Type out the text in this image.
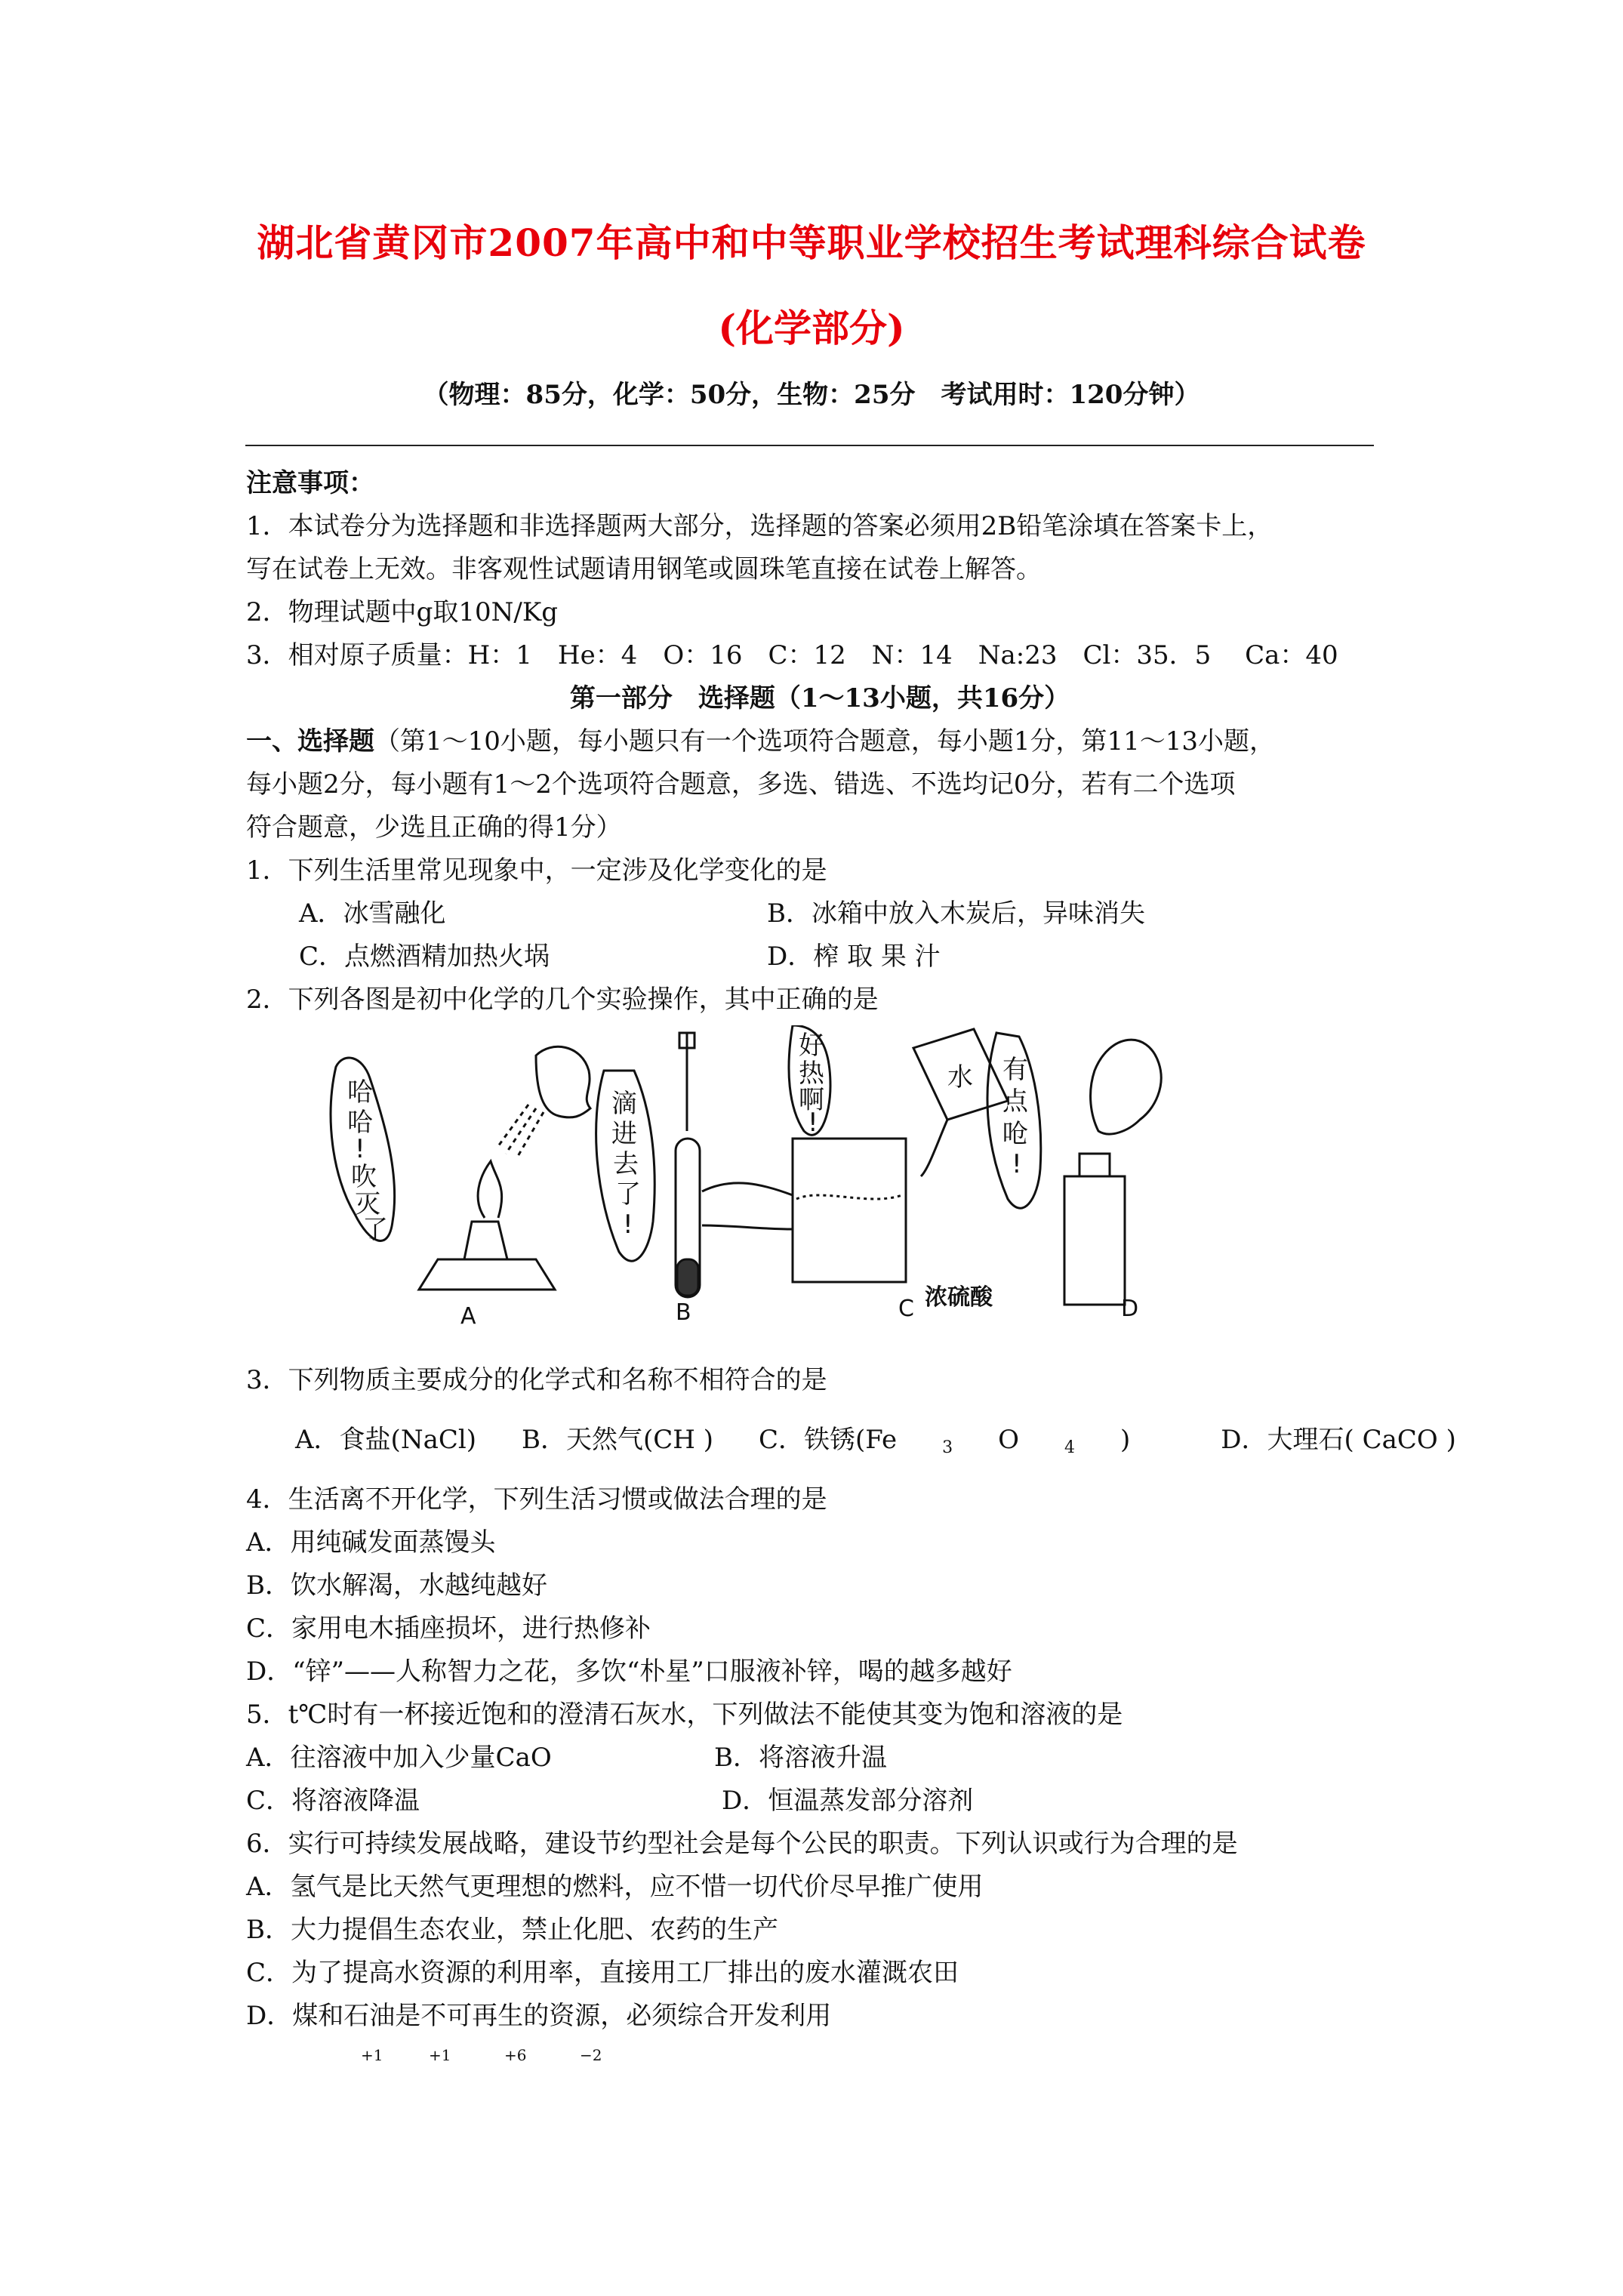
湖北省黄冈市2007年高中和中等职业学校招生考试理科综合试卷
(化学部分)
（物理：85分，化学：50分，生物：25分　考试用时：120分钟）
注意事项：
1．本试卷分为选择题和非选择题两大部分，选择题的答案必须用2B铅笔涂填在答案卡上，
写在试卷上无效。非客观性试题请用钢笔或圆珠笔直接在试卷上解答。
2．物理试题中g取10N/Kg
3．相对原子质量：H：1　He：4　O：16　C：12　N：14　Na:23　Cl：35．5　 Ca：40
第一部分　选择题（1～13小题，共16分）
一、选择题（第1～10小题，每小题只有一个选项符合题意，每小题1分，第11～13小题，
每小题2分，每小题有1～2个选项符合题意，多选、错选、不选均记0分，若有二个选项
符合题意，少选且正确的得1分）
1．下列生活里常见现象中，一定涉及化学变化的是
A．冰雪融化	B．冰箱中放入木炭后，异味消失
C．点燃酒精加热火埚	D．榨 取 果 汁
2．下列各图是初中化学的几个实验操作，其中正确的是
哈
哈
!
吹
灭
了
滴
进
去
了
!
好
热
啊
!
水
浓硫酸
有
点
呛
!
A	B	C	D
3．下列物质主要成分的化学式和名称不相符合的是
A．食盐(NaCl) B．天然气(CH ) C．铁锈(Fe	$_3$ O	$_4$ )	D．大理石( CaCO )
4．生活离不开化学，下列生活习惯或做法合理的是
A．用纯碱发面蒸馒头
B．饮水解渴，水越纯越好
C．家用电木插座损坏，进行热修补
D．“锌”——人称智力之花，多饮“朴星”口服液补锌，喝的越多越好
5．t℃时有一杯接近饱和的澄清石灰水，下列做法不能使其变为饱和溶液的是
A．往溶液中加入少量CaO	B．将溶液升温
C．将溶液降温	D．恒温蒸发部分溶剂
6．实行可持续发展战略，建设节约型社会是每个公民的职责。下列认识或行为合理的是
A．氢气是比天然气更理想的燃料，应不惜一切代价尽早推广使用
B．大力提倡生态农业，禁止化肥、农药的生产
C．为了提高水资源的利用率，直接用工厂排出的废水灌溉农田
D．煤和石油是不可再生的资源，必须综合开发利用
+1	+1	+6	−2
